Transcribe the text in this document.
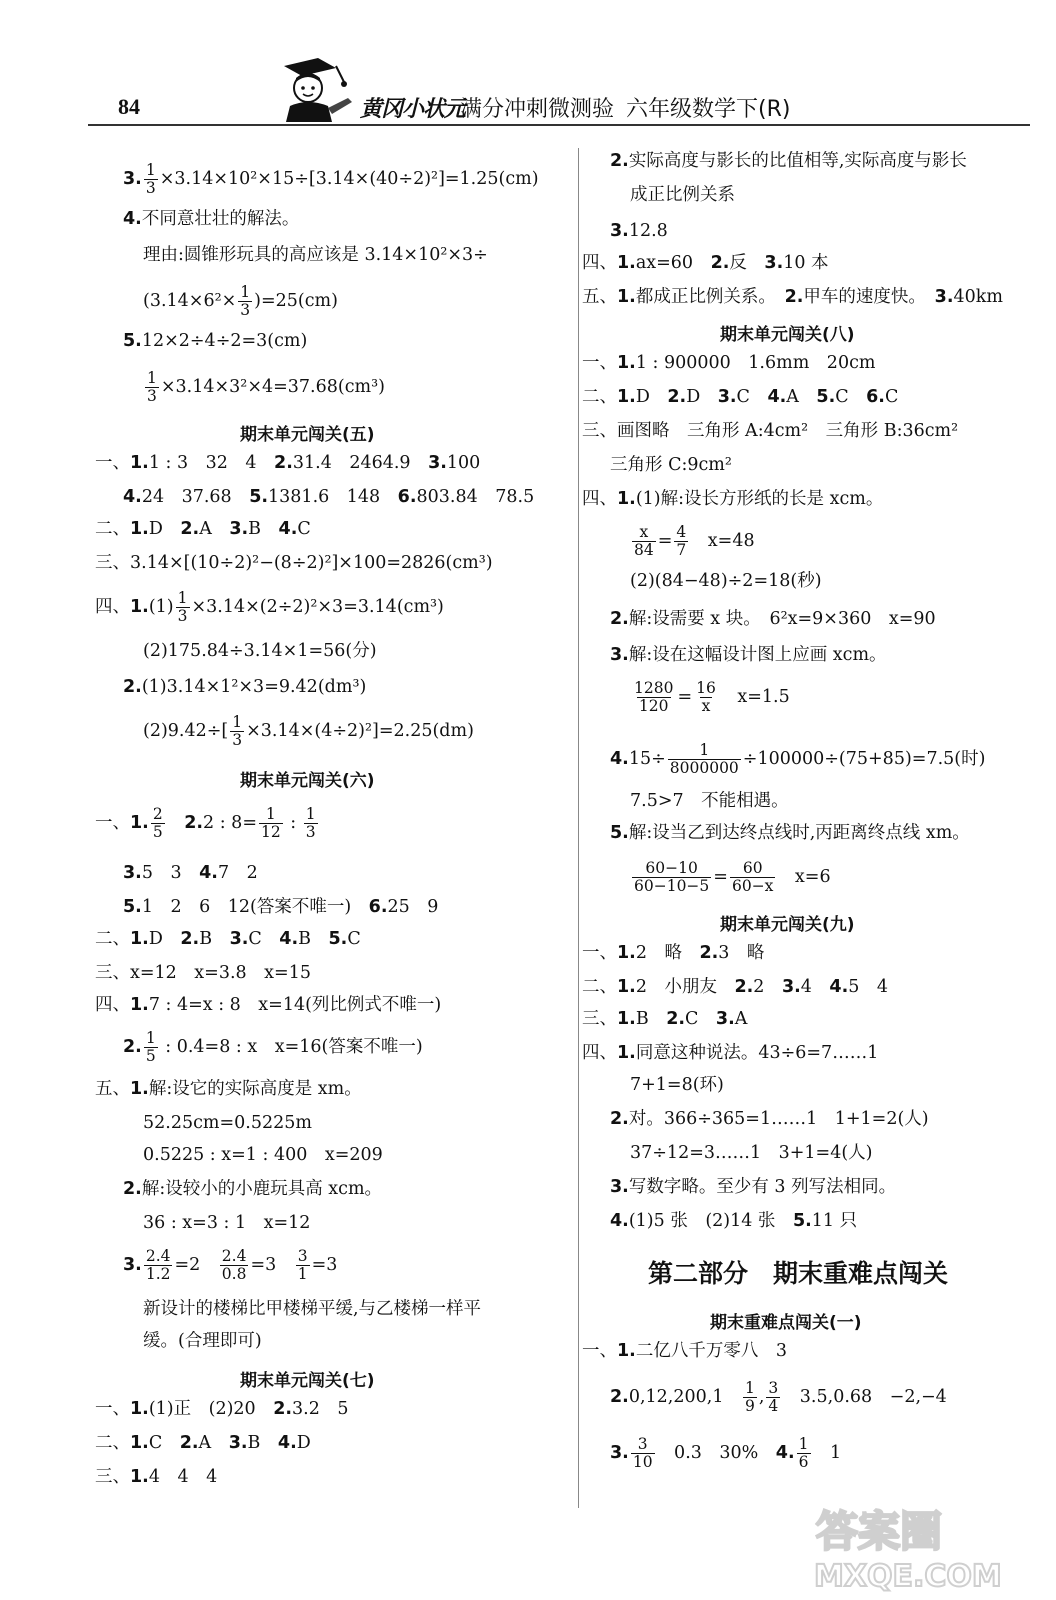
84	黄冈小状元
满分冲刺微测验 六年级数学下(R)
3. $\frac{1}{3} \times 3.14\times 10^2\times 15\div[3.14\times(40\div 2)^2]=1.25(cm)$
4.不同意壮壮的解法。
理由:圆锥形玩具的高应该是 3.14×10²×3÷
$(3.14\times 6^2\times \frac{1}{3} )=25(cm)$
5.12×2÷4÷2=3(cm)
$\frac{1}{3} \times 3.14\times 3^2\times 4=37.68(cm^3)$
期末单元闯关(五)
一、1.1 : 3　32　4　 2.31.4　2464.9　 3.100
4.24　37.68　 5.1381.6　148　 6.803.84　78.5
二、1.D　 2.A　 3.B　 4.C
三、3.14×[(10÷2)²−(8÷2)²]×100=2826(cm³)
四、$1.(1) \frac{1}{3} \times 3.14\times(2\div 2)^2\times 3=3.14(cm^3)$
(2)175.84÷3.14×1=56(分)
2.(1)3.14×1²×3=9.42(dm³)
$(2)9.42\div[ \frac{1}{3} \times 3.14\times(4\div 2)^2]=2.25(dm)$
期末单元闯关(六)
一、1. $\frac{2}{5}$
　 2.2 : $8= \frac{1}{12}$ : $\frac{1}{3}$
3.5　3　 4.7　2
5.1　2　6　12(答案不唯一)　 6.25　9
二、1.D　 2.B　 3.C　 4.B　 5.C
三、x=12　x=3.8　x=15
四、1.7 : 4=x : 8　x=14(列比例式不唯一)
2. $\frac{1}{5}$ : 0.4=8 : x　x=16(答案不唯一)
五、1.解:设它的实际高度是 xm。
52.25cm=0.5225m
0.5225 : x=1 : 400　x=209
2.解:设较小的小鹿玩具高 xcm。
36 : x=3 : 1　x=12
3. $\frac{2.4}{1.2} =2$　 $\frac{2.4}{0.8} =3$　 $\frac{3}{1} =3$
新设计的楼梯比甲楼梯平缓,与乙楼梯一样平
缓。(合理即可)
期末单元闯关(七)
一、1.(1)正　(2)20　 2.3.2　5
二、1.C　 2.A　 3.B　 4.D
三、1.4　4　4
2.实际高度与影长的比值相等,实际高度与影长
成正比例关系
3.12.8
四、1.ax=60　 2.反　 3.10 本
五、1.都成正比例关系。　 2.甲车的速度快。　 3.40km
期末单元闯关(八)
一、1.1 : 900000　1.6mm　20cm
二、1.D　 2.D　 3.C　 4.A　 5.C　 6.C
三、画图略　三角形 A:4cm²　三角形 B:36cm²
三角形 C:9cm²
四、1.(1)解:设长方形纸的长是 xcm。
$\frac{x}{84} = \frac{4}{7}$ 　x=48
(2)(84−48)÷2=18(秒)
2.解:设需要 x 块。　6²x=9×360　x=90
3.解:设在这幅设计图上应画 xcm。
$\frac{1280}{120} = \frac{16}{x}$ 　x=1.5
$4.15\div \frac{1}{8000000} \div 100000\div(75+85)=7.5$(时)
7.5>7　不能相遇。
5.解:设当乙到达终点线时,丙距离终点线 xm。
$\frac{60-10}{60-10-5} = \frac{60}{60-x}$ 　x=6
期末单元闯关(九)
一、1.2　略　 2.3　略
二、1.2　小朋友　 2.2　 3.4　 4.5　4
三、1.B　 2.C　 3.A
四、1.同意这种说法。43÷6=7……1
7+1=8(环)
2.对。366÷365=1……1　1+1=2(人)
37÷12=3……1　3+1=4(人)
3.写数字略。至少有 3 列写法相同。
4.(1)5 张　(2)14 张　 5.11 只
第二部分　期末重难点闯关
期末重难点闯关(一)
一、1.二亿八千万零八　3
2.0,12,200,1　 $\frac{1}{9}$ , $\frac{3}{4}$ 　3.5,0.68　−2,−4
3. $\frac{3}{10}$ 　0.3　30%　 4. $\frac{1}{6}$ 　1
答案圈
MXQE.COM
